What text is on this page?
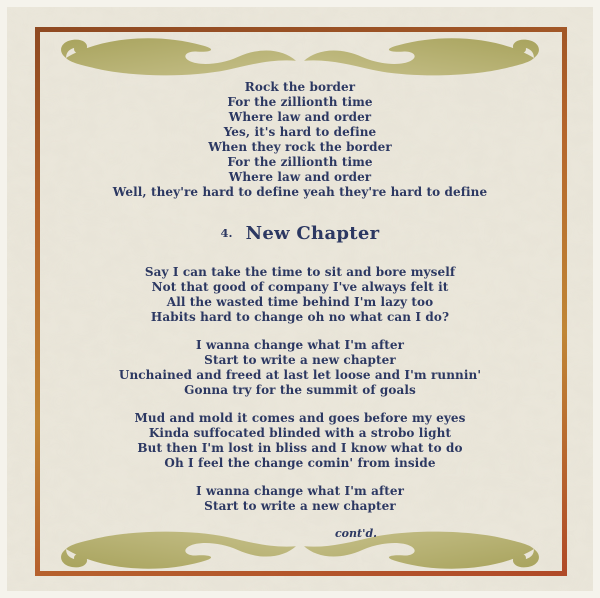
Rock the border

For the zillionth time

Where law and order

Yes, it's hard to define

When they rock the border

For the zillionth time

Where law and order

Well, they're hard to define yeah they're hard to define

4. New Chapter

Say I can take the time to sit and bore myself

Not that good of company I've always felt it

All the wasted time behind I'm lazy too

Habits hard to change oh no what can I do?

I wanna change what I'm after

Start to write a new chapter

Unchained and freed at last let loose and I'm runnin'

Gonna try for the summit of goals

Mud and mold it comes and goes before my eyes

Kinda suffocated blinded with a strobo light

But then I'm lost in bliss and I know what to do

Oh I feel the change comin' from inside

I wanna change what I'm after

Start to write a new chapter

cont'd.
